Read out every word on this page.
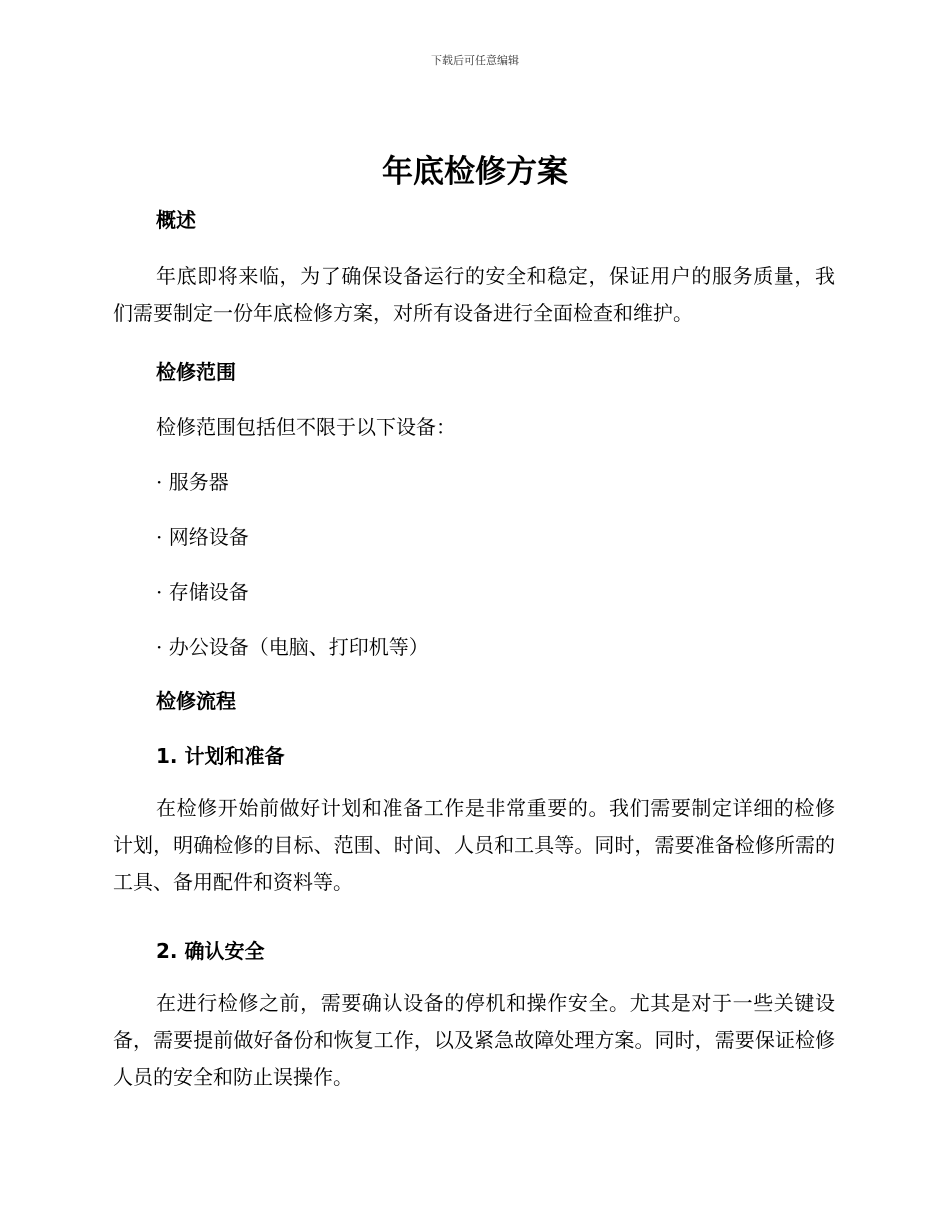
下载后可任意编辑
年底检修方案
概述

年底即将来临，为了确保设备运行的安全和稳定，保证用户的服务质量，我们需要制定一份年底检修方案，对所有设备进行全面检查和维护。

检修范围
检修范围包括但不限于以下设备：
· 服务器
· 网络设备
· 存储设备
· 办公设备（电脑、打印机等）
检修流程
1. 计划和准备

在检修开始前做好计划和准备工作是非常重要的。我们需要制定详细的检修计划，明确检修的目标、范围、时间、人员和工具等。同时，需要准备检修所需的工具、备用配件和资料等。

2. 确认安全

在进行检修之前，需要确认设备的停机和操作安全。尤其是对于一些关键设备，需要提前做好备份和恢复工作，以及紧急故障处理方案。同时，需要保证检修人员的安全和防止误操作。
